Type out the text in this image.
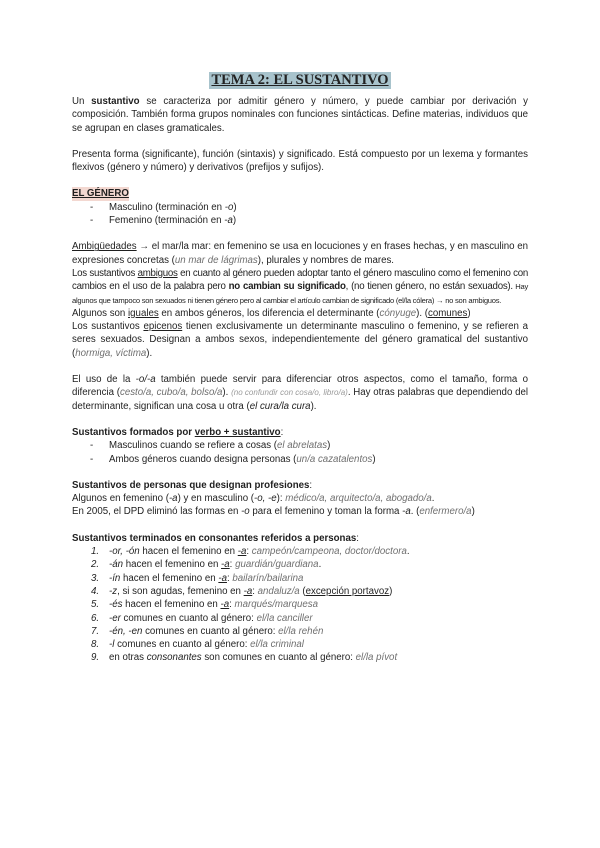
TEMA 2: EL SUSTANTIVO

Un sustantivo se caracteriza por admitir género y número, y puede cambiar por derivación y composición. También forma grupos nominales con funciones sintácticas. Define materias, individuos que se agrupan en clases gramaticales.

Presenta forma (significante), función (sintaxis) y significado. Está compuesto por un lexema y formantes flexivos (género y número) y derivativos (prefijos y sufijos).

EL GÉNERO
- Masculino (terminación en -o)
- Femenino (terminación en -a)

Ambigüedades → el mar/la mar: en femenino se usa en locuciones y en frases hechas, y en masculino en expresiones concretas (un mar de lágrimas), plurales y nombres de mares.

Los sustantivos ambiguos en cuanto al género pueden adoptar tanto el género masculino como el femenino con cambios en el uso de la palabra pero no cambian su significado, (no tienen género, no están sexuados). Hay algunos que tampoco son sexuados ni tienen género pero al cambiar el artículo cambian de significado (el/la cólera) → no son ambiguos.

Algunos son iguales en ambos géneros, los diferencia el determinante (cónyuge). (comunes)

Los sustantivos epicenos tienen exclusivamente un determinante masculino o femenino, y se refieren a seres sexuados. Designan a ambos sexos, independientemente del género gramatical del sustantivo (hormiga, víctima).

El uso de la -o/-a también puede servir para diferenciar otros aspectos, como el tamaño, forma o diferencia (cesto/a, cubo/a, bolso/a). (no confundir con cosa/o, libro/a). Hay otras palabras que dependiendo del determinante, significan una cosa u otra (el cura/la cura).

Sustantivos formados por verbo + sustantivo:

- Masculinos cuando se refiere a cosas (el abrelatas)
- Ambos géneros cuando designa personas (un/a cazatalentos)

Sustantivos de personas que designan profesiones:

Algunos en femenino (-a) y en masculino (-o, -e): médico/a, arquitecto/a, abogado/a.

En 2005, el DPD eliminó las formas en -o para el femenino y toman la forma -a. (enfermero/a)

Sustantivos terminados en consonantes referidos a personas:

1. -or, -ón hacen el femenino en -a: campeón/campeona, doctor/doctora.
2. -án hacen el femenino en -a: guardián/guardiana.
3. -ín hacen el femenino en -a: bailarín/bailarina
4. -z, si son agudas, femenino en -a: andaluz/a (excepción portavoz)
5. -és hacen el femenino en -a: marqués/marquesa
6. -er comunes en cuanto al género: el/la canciller
7. -én, -en comunes en cuanto al género: el/la rehén
8. -l comunes en cuanto al género: el/la criminal
9. en otras consonantes son comunes en cuanto al género: el/la pívot
